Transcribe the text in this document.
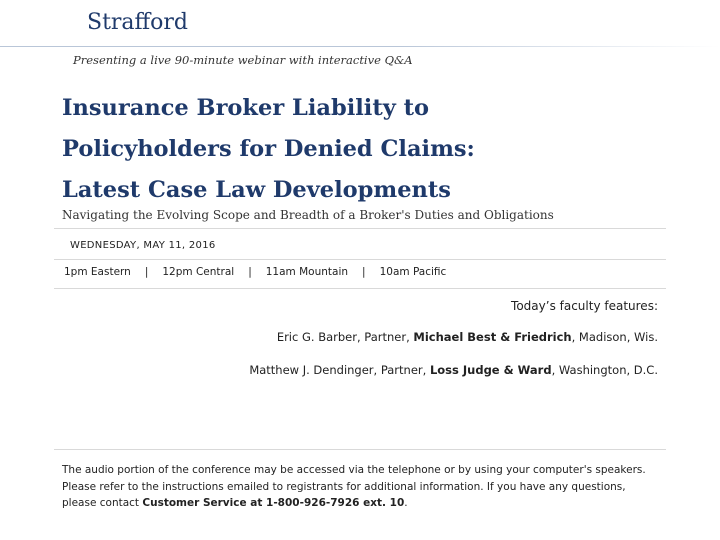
Strafford
Presenting a live 90-minute webinar with interactive Q&A
Insurance Broker Liability to
Policyholders for Denied Claims:
Latest Case Law Developments
Navigating the Evolving Scope and Breadth of a Broker's Duties and Obligations
WEDNESDAY, MAY 11, 2016
1pm Eastern | 12pm Central | 11am Mountain | 10am Pacific
Today’s faculty features:
Eric G. Barber, Partner, Michael Best & Friedrich, Madison, Wis.
Matthew J. Dendinger, Partner, Loss Judge & Ward, Washington, D.C.
The audio portion of the conference may be accessed via the telephone or by using your computer's speakers. Please refer to the instructions emailed to registrants for additional information. If you have any questions, please contact Customer Service at 1-800-926-7926 ext. 10.
